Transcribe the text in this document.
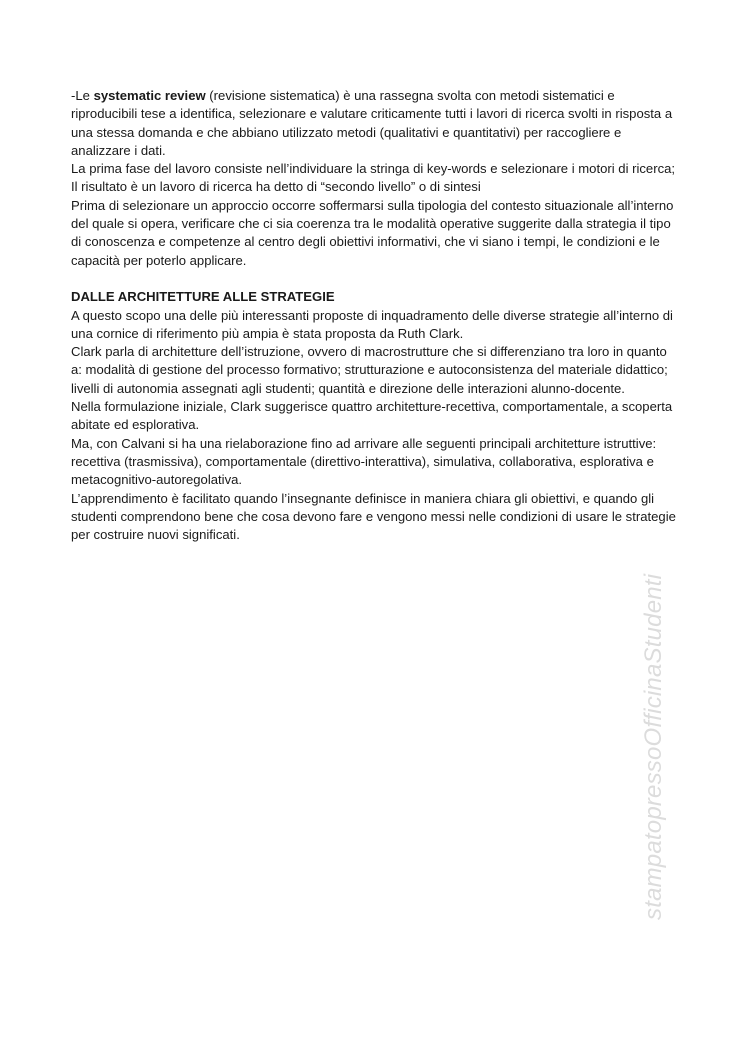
-Le systematic review (revisione sistematica) è una rassegna svolta con metodi sistematici e riproducibili tese a identifica, selezionare e valutare criticamente tutti i lavori di ricerca svolti in risposta a una stessa domanda e che abbiano utilizzato metodi (qualitativi e quantitativi) per raccogliere e analizzare i dati.

La prima fase del lavoro consiste nell’individuare la stringa di key-words e selezionare i motori di ricerca;

Il risultato è un lavoro di ricerca ha detto di “secondo livello” o di sintesi

Prima di selezionare un approccio occorre soffermarsi sulla tipologia del contesto situazionale all’interno del quale si opera, verificare che ci sia coerenza tra le modalità operative suggerite dalla strategia il tipo di conoscenza e competenze al centro degli obiettivi informativi, che vi siano i tempi, le condizioni e le capacità per poterlo applicare.

DALLE ARCHITETTURE ALLE STRATEGIE

A questo scopo una delle più interessanti proposte di inquadramento delle diverse strategie all’interno di una cornice di riferimento più ampia è stata proposta da Ruth Clark.

Clark parla di architetture dell’istruzione, ovvero di macrostrutture che si differenziano tra loro in quanto a: modalità di gestione del processo formativo; strutturazione e autoconsistenza del materiale didattico; livelli di autonomia assegnati agli studenti; quantità e direzione delle interazioni alunno-docente.

Nella formulazione iniziale, Clark suggerisce quattro architetture-recettiva, comportamentale, a scoperta abitate ed esplorativa.

Ma, con Calvani si ha una rielaborazione fino ad arrivare alle seguenti principali architetture istruttive: recettiva (trasmissiva), comportamentale (direttivo-interattiva), simulativa, collaborativa, esplorativa e metacognitivo-autoregolativa.

L’apprendimento è facilitato quando l’insegnante definisce in maniera chiara gli obiettivi, e quando gli studenti comprendono bene che cosa devono fare e vengono messi nelle condizioni di usare le strategie per costruire nuovi significati.

stampatopressoOfficinaStudenti
